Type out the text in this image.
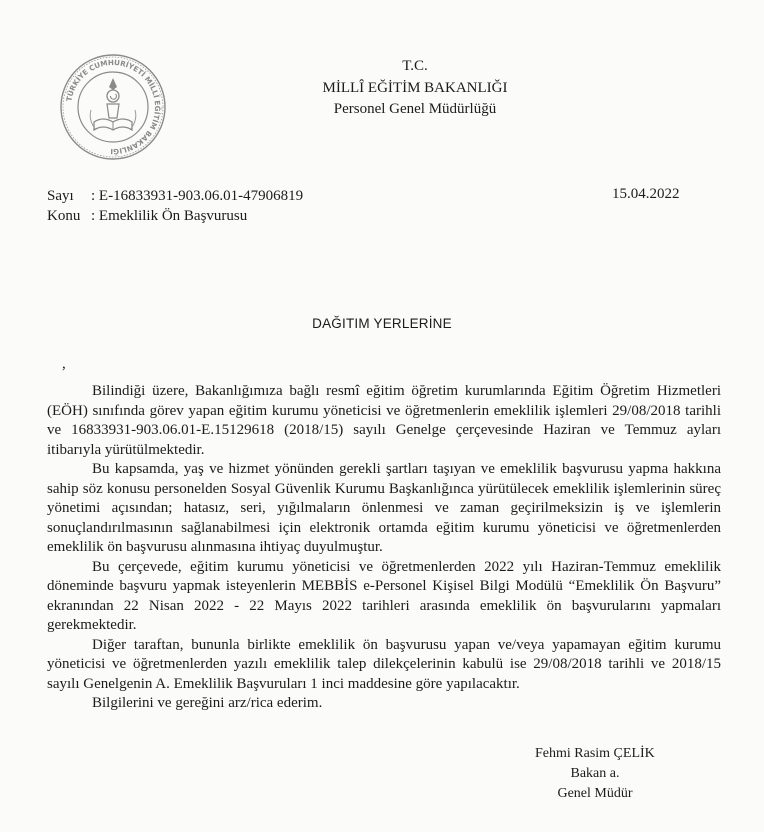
TÜRKİYE CUMHURİYETİ MİLLÎ EĞİTİM BAKANLIĞI
T.C.
MİLLÎ EĞİTİM BAKANLIĞI
Personel Genel Müdürlüğü
Sayı	: E-16833931-903.06.01-47906819
Konu : Emeklilik Ön Başvurusu
15.04.2022
DAĞITIM YERLERİNE
,

Bilindiği üzere, Bakanlığımıza bağlı resmî eğitim öğretim kurumlarında Eğitim Öğretim Hizmetleri (EÖH) sınıfında görev yapan eğitim kurumu yöneticisi ve öğretmenlerin emeklilik işlemleri 29/08/2018 tarihli ve 16833931-903.06.01-E.15129618 (2018/15) sayılı Genelge çerçevesinde Haziran ve Temmuz ayları itibarıyla yürütülmektedir.

Bu kapsamda, yaş ve hizmet yönünden gerekli şartları taşıyan ve emeklilik başvurusu yapma hakkına sahip söz konusu personelden Sosyal Güvenlik Kurumu Başkanlığınca yürütülecek emeklilik işlemlerinin süreç yönetimi açısından; hatasız, seri, yığılmaların önlenmesi ve zaman geçirilmeksizin iş ve işlemlerin sonuçlandırılmasının sağlanabilmesi için elektronik ortamda eğitim kurumu yöneticisi ve öğretmenlerden emeklilik ön başvurusu alınmasına ihtiyaç duyulmuştur.

Bu çerçevede, eğitim kurumu yöneticisi ve öğretmenlerden 2022 yılı Haziran-Temmuz emeklilik döneminde başvuru yapmak isteyenlerin MEBBİS e-Personel Kişisel Bilgi Modülü “Emeklilik Ön Başvuru” ekranından 22 Nisan 2022 - 22 Mayıs 2022 tarihleri arasında emeklilik ön başvurularını yapmaları gerekmektedir.

Diğer taraftan, bununla birlikte emeklilik ön başvurusu yapan ve/veya yapamayan eğitim kurumu yöneticisi ve öğretmenlerden yazılı emeklilik talep dilekçelerinin kabulü ise 29/08/2018 tarihli ve 2018/15 sayılı Genelgenin A. Emeklilik Başvuruları 1 inci maddesine göre yapılacaktır.

Bilgilerini ve gereğini arz/rica ederim.

Fehmi Rasim ÇELİK
Bakan a.
Genel Müdür
